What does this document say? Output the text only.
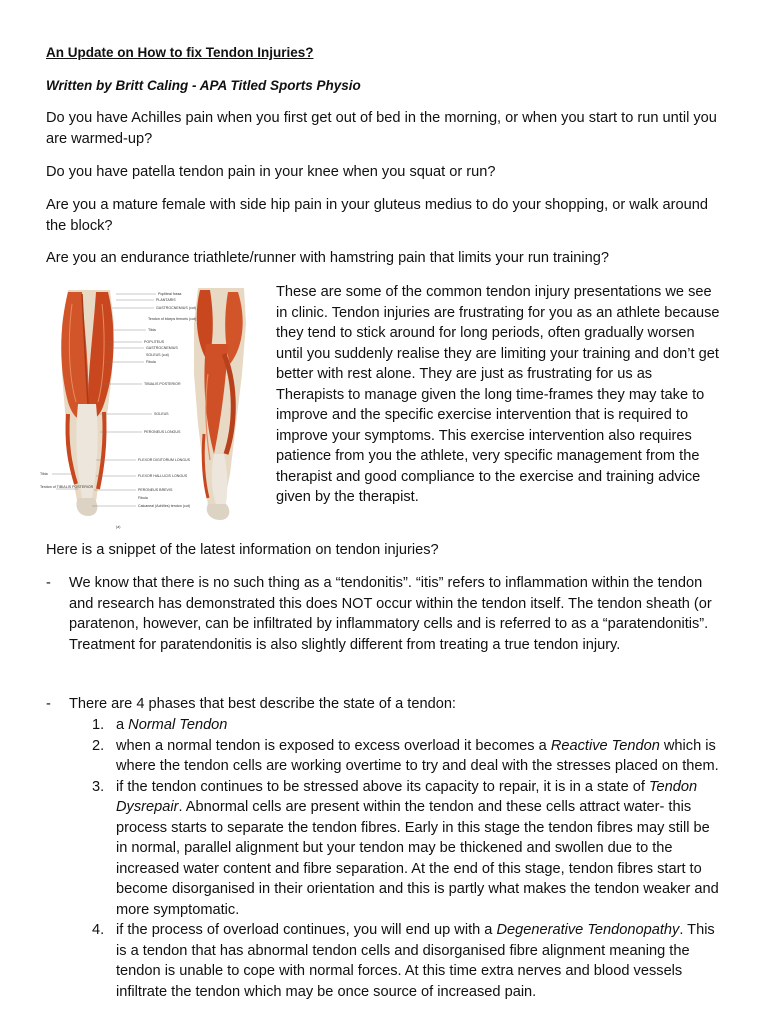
An Update on How to fix Tendon Injuries?
Written by Britt Caling - APA Titled Sports Physio

Do you have Achilles pain when you first get out of bed in the morning, or when you start to run until you are warmed-up?

Do you have patella tendon pain in your knee when you squat or run?

Are you a mature female with side hip pain in your gluteus medius to do your shopping, or walk around the block?

Are you an endurance triathlete/runner with hamstring pain that limits your run training?

Popliteal fossa
PLANTARIS
GASTROCNEMIUS (cut)
Tendon of biceps femoris (cut)
Tibia
POPLITEUS
GASTROCNEMIUS
SOLEUS (cut)
Fibula
TIBIALIS POSTERIOR
SOLEUS
PERONEUS LONGUS
FLEXOR DIGITORUM LONGUS
FLEXOR HALLUCIS LONGUS
PERONEUS BREVIS
Fibula
Calcaneal (Achilles) tendon (cut)
Tibia
Tendon of TIBIALIS POSTERIOR
(a)

These are some of the common tendon injury presentations we see in clinic. Tendon injuries are frustrating for you as an athlete because they tend to stick around for long periods, often gradually worsen until you suddenly realise they are limiting your training and don’t get better with rest alone. They are just as frustrating for us as Therapists to manage given the long time-frames they may take to improve and the specific exercise intervention that is required to improve your symptoms. This exercise intervention also requires patience from you the athlete, very specific management from the therapist and good compliance to the exercise and training advice given by the therapist.

Here is a snippet of the latest information on tendon injuries?

- We know that there is no such thing as a “tendonitis”. “itis” refers to inflammation within the tendon and research has demonstrated this does NOT occur within the tendon itself. The tendon sheath (or paratenon, however, can be infiltrated by inflammatory cells and is referred to as a “paratendonitis”. Treatment for paratendonitis is also slightly different from treating a true tendon injury.
- There are 4 phases that best describe the state of a tendon:

1. a Normal Tendon

2. when a normal tendon is exposed to excess overload it becomes a Reactive Tendon which is where the tendon cells are working overtime to try and deal with the stresses placed on them.

3. if the tendon continues to be stressed above its capacity to repair, it is in a state of Tendon Dysrepair. Abnormal cells are present within the tendon and these cells attract water- this process starts to separate the tendon fibres. Early in this stage the tendon fibres may still be in normal, parallel alignment but your tendon may be thickened and swollen due to the increased water content and fibre separation. At the end of this stage, tendon fibres start to become disorganised in their orientation and this is partly what makes the tendon weaker and more symptomatic.

4. if the process of overload continues, you will end up with a Degenerative Tendonopathy. This is a tendon that has abnormal tendon cells and disorganised fibre alignment meaning the tendon is unable to cope with normal forces. At this time extra nerves and blood vessels infiltrate the tendon which may be once source of increased pain.
